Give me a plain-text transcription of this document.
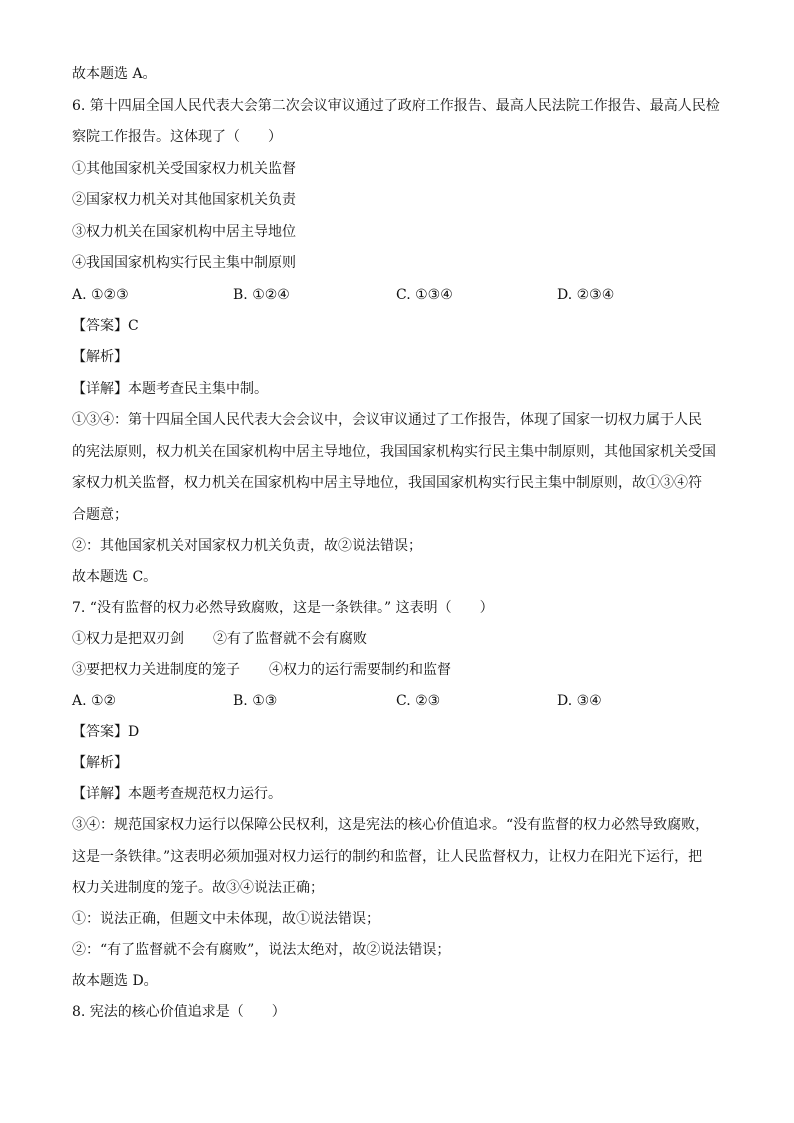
故本题选 A。
6. 第十四届全国人民代表大会第二次会议审议通过了政府工作报告、最高人民法院工作报告、最高人民检
察院工作报告。这体现了（　　）
①其他国家机关受国家权力机关监督
②国家权力机关对其他国家机关负责
③权力机关在国家机构中居主导地位
④我国国家机构实行民主集中制原则
A. ①②③	B. ①②④	C. ①③④	D. ②③④
【答案】C
【解析】
【详解】本题考查民主集中制。
①③④：第十四届全国人民代表大会会议中，会议审议通过了工作报告，体现了国家一切权力属于人民
的宪法原则，权力机关在国家机构中居主导地位，我国国家机构实行民主集中制原则，其他国家机关受国
家权力机关监督，权力机关在国家机构中居主导地位，我国国家机构实行民主集中制原则，故①③④符
合题意；
②：其他国家机关对国家权力机关负责，故②说法错误；
故本题选 C。
7. “没有监督的权力必然导致腐败，这是一条铁律。” 这表明（　　）
①权力是把双刃剑 ②有了监督就不会有腐败
③要把权力关进制度的笼子 ④权力的运行需要制约和监督
A. ①②	B. ①③	C. ②③	D. ③④
【答案】D
【解析】
【详解】本题考查规范权力运行。
③④：规范国家权力运行以保障公民权利，这是宪法的核心价值追求。“没有监督的权力必然导致腐败，
这是一条铁律。”这表明必须加强对权力运行的制约和监督，让人民监督权力，让权力在阳光下运行，把
权力关进制度的笼子。故③④说法正确；
①：说法正确，但题文中未体现，故①说法错误；
②：“有了监督就不会有腐败”，说法太绝对，故②说法错误；
故本题选 D。
8. 宪法的核心价值追求是（　　）
